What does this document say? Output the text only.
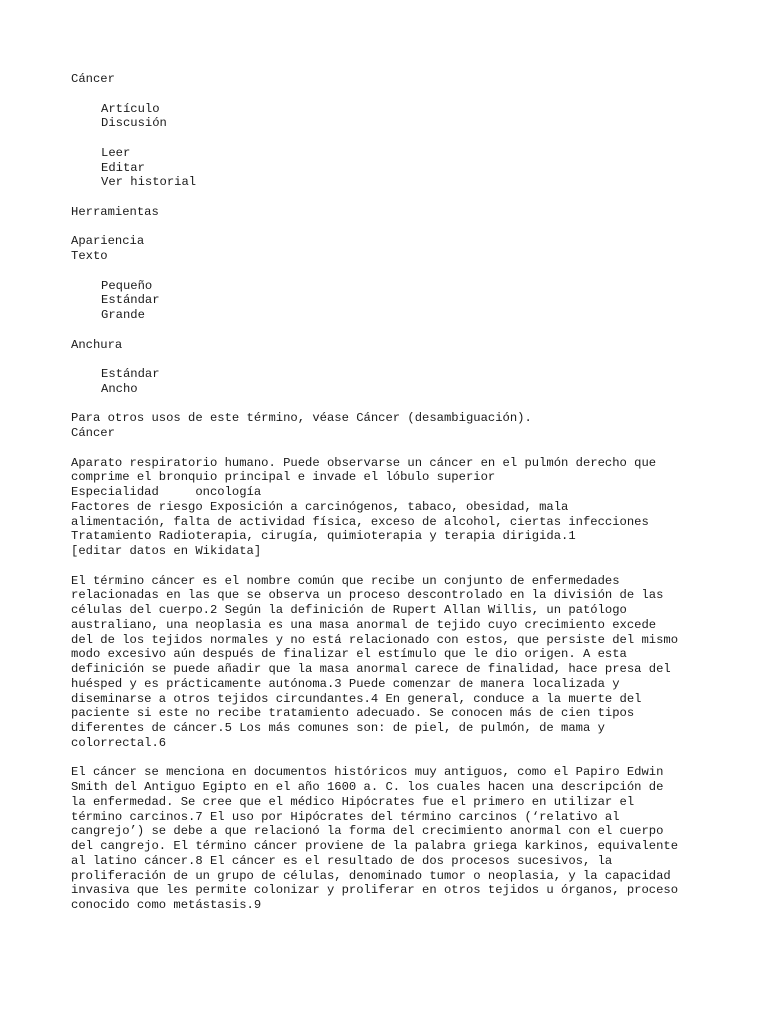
Cáncer
Artículo
Discusión
Leer
Editar
Ver historial
Herramientas
Apariencia
Texto
Pequeño
Estándar
Grande
Anchura
Estándar
Ancho
Para otros usos de este término, véase Cáncer (desambiguación).
Cáncer
Aparato respiratorio humano. Puede observarse un cáncer en el pulmón derecho que
comprime el bronquio principal e invade el lóbulo superior
Especialidad     oncología
Factores de riesgo Exposición a carcinógenos, tabaco, obesidad, mala
alimentación, falta de actividad física, exceso de alcohol, ciertas infecciones
Tratamiento Radioterapia, cirugía, quimioterapia y terapia dirigida.1
[editar datos en Wikidata]
El término cáncer es el nombre común que recibe un conjunto de enfermedades
relacionadas en las que se observa un proceso descontrolado en la división de las
células del cuerpo.2 Según la definición de Rupert Allan Willis, un patólogo
australiano, una neoplasia es una masa anormal de tejido cuyo crecimiento excede
del de los tejidos normales y no está relacionado con estos, que persiste del mismo
modo excesivo aún después de finalizar el estímulo que le dio origen. A esta
definición se puede añadir que la masa anormal carece de finalidad, hace presa del
huésped y es prácticamente autónoma.3 Puede comenzar de manera localizada y
diseminarse a otros tejidos circundantes.4 En general, conduce a la muerte del
paciente si este no recibe tratamiento adecuado. Se conocen más de cien tipos
diferentes de cáncer.5 Los más comunes son: de piel, de pulmón, de mama y
colorrectal.6
El cáncer se menciona en documentos históricos muy antiguos, como el Papiro Edwin
Smith del Antiguo Egipto en el año 1600 a. C. los cuales hacen una descripción de
la enfermedad. Se cree que el médico Hipócrates fue el primero en utilizar el
término carcinos.7 El uso por Hipócrates del término carcinos (‘relativo al
cangrejo’) se debe a que relacionó la forma del crecimiento anormal con el cuerpo
del cangrejo. El término cáncer proviene de la palabra griega karkinos, equivalente
al latino cáncer.8 El cáncer es el resultado de dos procesos sucesivos, la
proliferación de un grupo de células, denominado tumor o neoplasia, y la capacidad
invasiva que les permite colonizar y proliferar en otros tejidos u órganos, proceso
conocido como metástasis.9
